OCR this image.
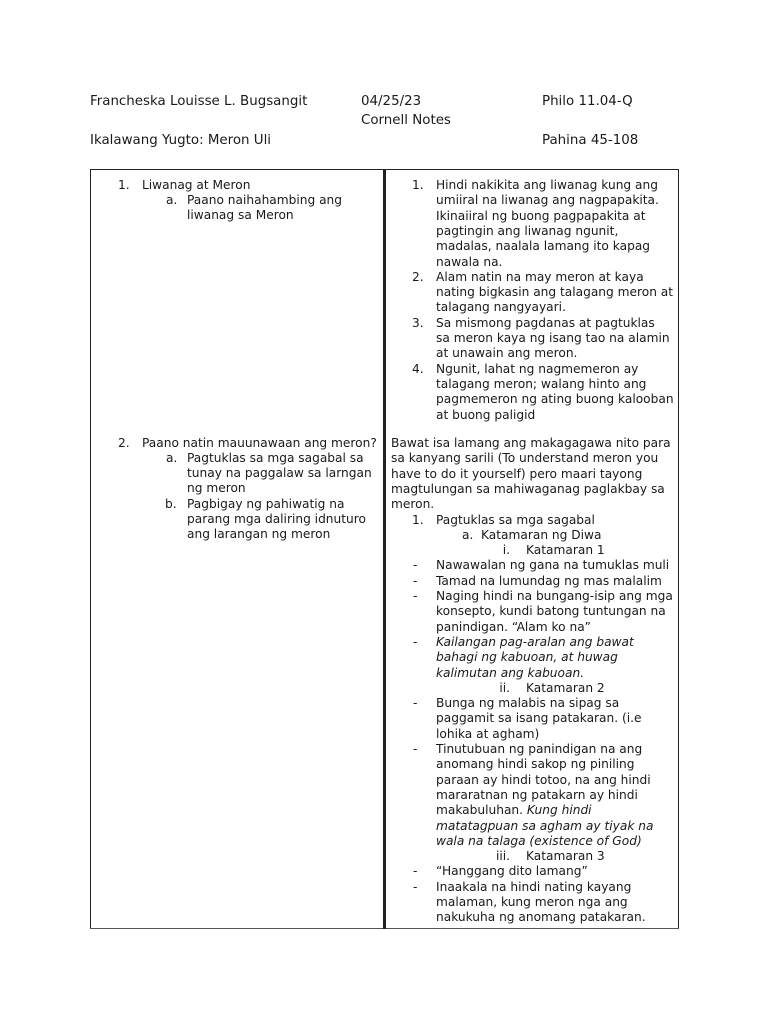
Francheska Louisse L. Bugsangit	04/25/23	Philo 11.04-Q
Cornell Notes
Ikalawang Yugto: Meron Uli	Pahina 45-108
1. Liwanag at Meron
a. Paano naihahambing ang
liwanag sa Meron
2. Paano natin mauunawaan ang meron?
a. Pagtuklas sa mga sagabal sa
tunay na paggalaw sa larngan
ng meron
b. Pagbigay ng pahiwatig na
parang mga daliring idnuturo
ang larangan ng meron
1. Hindi nakikita ang liwanag kung ang
umiiral na liwanag ang nagpapakita.
Ikinaiiral ng buong pagpapakita at
pagtingin ang liwanag ngunit,
madalas, naalala lamang ito kapag
nawala na.
2. Alam natin na may meron at kaya
nating bigkasin ang talagang meron at
talagang nangyayari.
3. Sa mismong pagdanas at pagtuklas
sa meron kaya ng isang tao na alamin
at unawain ang meron.
4. Ngunit, lahat ng nagmemeron ay
talagang meron; walang hinto ang
pagmemeron ng ating buong kalooban
at buong paligid
Bawat isa lamang ang makagagawa nito para
sa kanyang sarili (To understand meron you
have to do it yourself) pero maari tayong
magtulungan sa mahiwaganag paglakbay sa
meron.
1. Pagtuklas sa mga sagabal
a. Katamaran ng Diwa
i. Katamaran 1
- Nawawalan ng gana na tumuklas muli
- Tamad na lumundag ng mas malalim
- Naging hindi na bungang-isip ang mga
konsepto, kundi batong tuntungan na
panindigan. “Alam ko na”
- Kailangan pag-aralan ang bawat
bahagi ng kabuoan, at huwag
kalimutan ang kabuoan.
ii. Katamaran 2
- Bunga ng malabis na sipag sa
paggamit sa isang patakaran. (i.e
lohika at agham)
- Tinutubuan ng panindigan na ang
anomang hindi sakop ng piniling
paraan ay hindi totoo, na ang hindi
mararatnan ng patakarn ay hindi
makabuluhan. Kung hindi
matatagpuan sa agham ay tiyak na
wala na talaga (existence of God)
iii. Katamaran 3
- “Hanggang dito lamang”
- Inaakala na hindi nating kayang
malaman, kung meron nga ang
nakukuha ng anomang patakaran.
